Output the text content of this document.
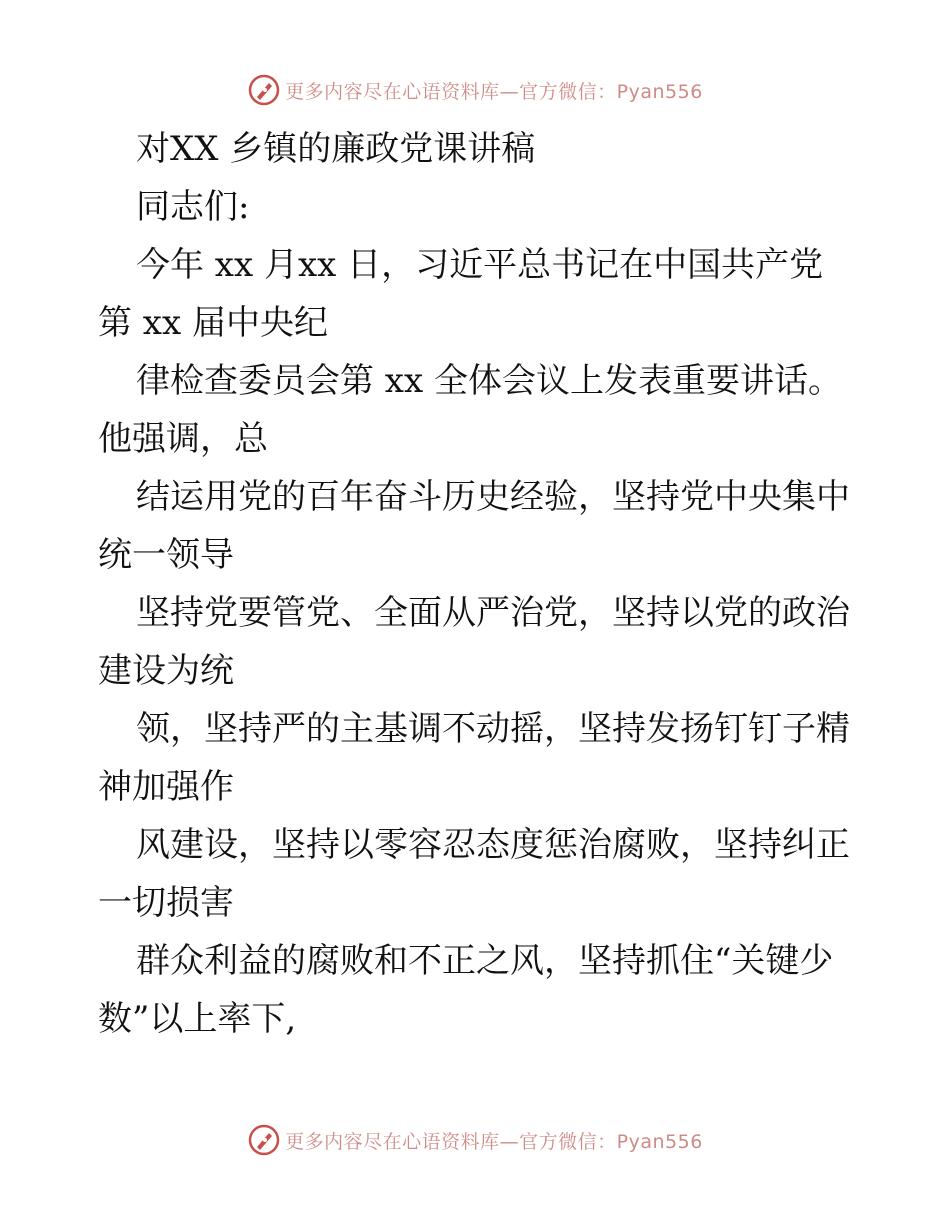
更多内容尽在心语资料库—官方微信：Pyan556
对XX 乡镇的廉政党课讲稿
同志们:
今年 xx 月xx 日，习近平总书记在中国共产党
第 xx 届中央纪
律检查委员会第 xx 全体会议上发表重要讲话。
他强调，总
结运用党的百年奋斗历史经验，坚持党中央集中
统一领导
坚持党要管党、全面从严治党，坚持以党的政治
建设为统
领，坚持严的主基调不动摇，坚持发扬钉钉子精
神加强作
风建设，坚持以零容忍态度惩治腐败，坚持纠正
一切损害
群众利益的腐败和不正之风，坚持抓住“关键少
数”以上率下,
更多内容尽在心语资料库—官方微信：Pyan556
